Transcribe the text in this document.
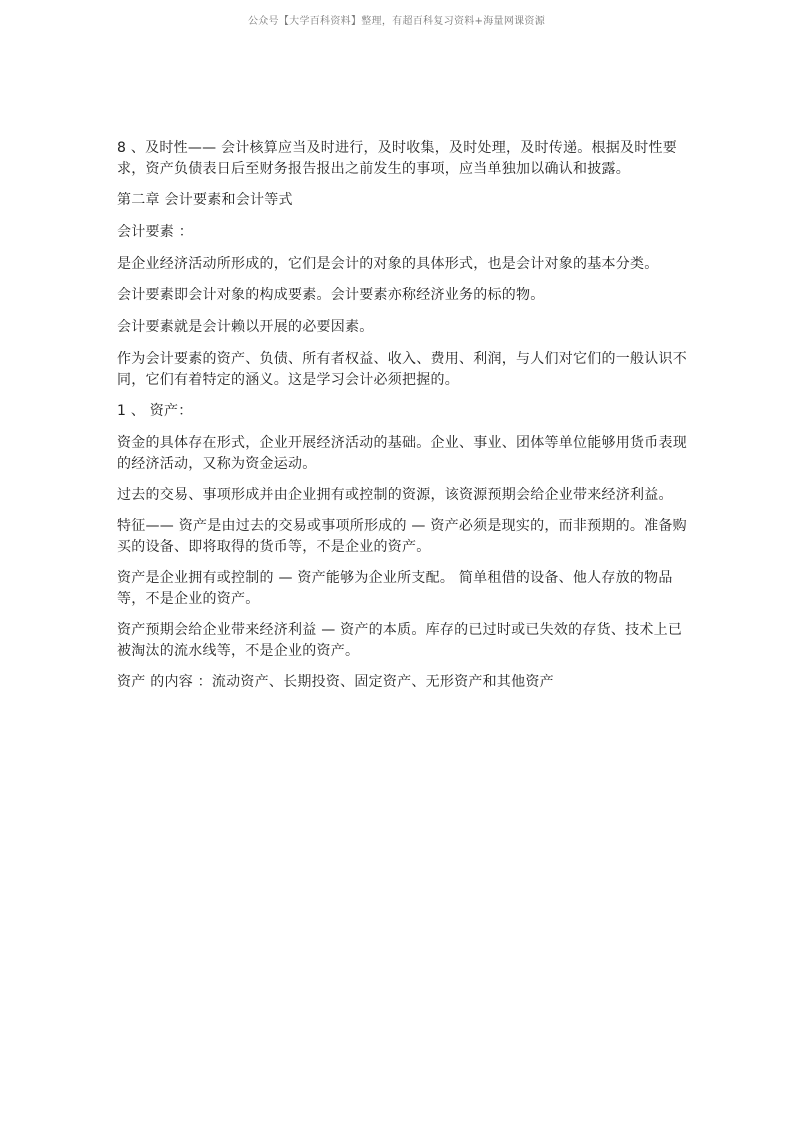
公众号【大学百科资料】整理，有超百科复习资料+海量网课资源

8 、及时性—— 会计核算应当及时进行，及时收集，及时处理，及时传递。根据及时性要求，资产负债表日后至财务报告报出之前发生的事项，应当单独加以确认和披露。

第二章 会计要素和会计等式

会计要素 ：

是企业经济活动所形成的，它们是会计的对象的具体形式，也是会计对象的基本分类。

会计要素即会计对象的构成要素。会计要素亦称经济业务的标的物。

会计要素就是会计赖以开展的必要因素。

作为会计要素的资产、负债、所有者权益、收入、费用、利润，与人们对它们的一般认识不同，它们有着特定的涵义。这是学习会计必须把握的。

1 、 资产：

资金的具体存在形式，企业开展经济活动的基础。企业、事业、团体等单位能够用货币表现的经济活动，又称为资金运动。

过去的交易、事项形成并由企业拥有或控制的资源，该资源预期会给企业带来经济利益。

特征—— 资产是由过去的交易或事项所形成的 — 资产必须是现实的，而非预期的。准备购买的设备、即将取得的货币等，不是企业的资产。

资产是企业拥有或控制的 — 资产能够为企业所支配。 简单租借的设备、他人存放的物品等，不是企业的资产。

资产预期会给企业带来经济利益 — 资产的本质。库存的已过时或已失效的存货、技术上已被淘汰的流水线等，不是企业的资产。

资产 的内容 ：流动资产、长期投资、固定资产、无形资产和其他资产
